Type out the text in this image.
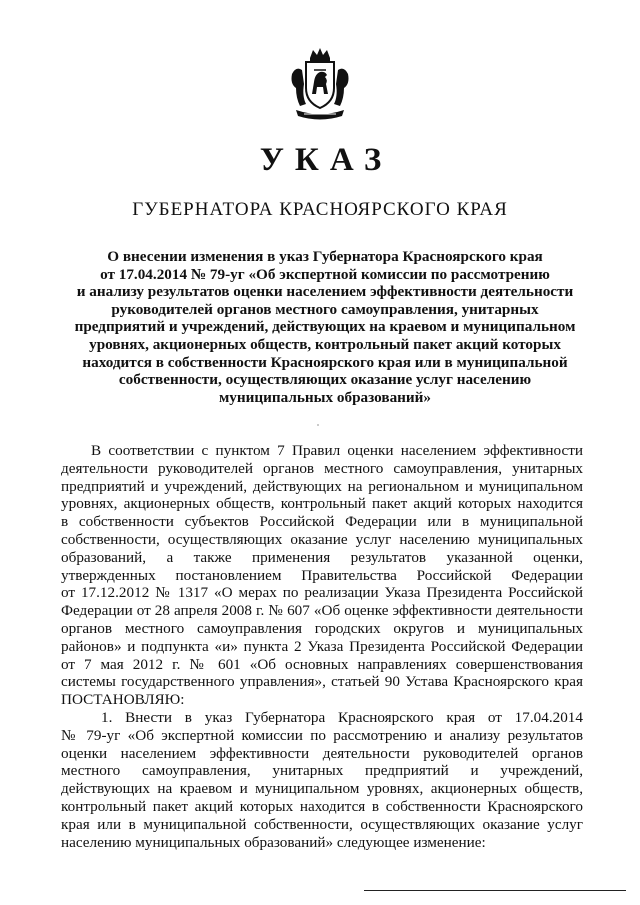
УКАЗ
ГУБЕРНАТОРА КРАСНОЯРСКОГО КРАЯ
О внесении изменения в указ Губернатора Красноярского края
от 17.04.2014 № 79-уг «Об экспертной комиссии по рассмотрению
и анализу результатов оценки населением эффективности деятельности
руководителей органов местного самоуправления, унитарных
предприятий и учреждений, действующих на краевом и муниципальном
уровнях, акционерных обществ, контрольный пакет акций которых
находится в собственности Красноярского края или в муниципальной
собственности, осуществляющих оказание услуг населению
муниципальных образований»
В соответствии с пунктом 7 Правил оценки населением эффективности
деятельности руководителей органов местного самоуправления, унитарных
предприятий и учреждений, действующих на региональном и муниципальном
уровнях, акционерных обществ, контрольный пакет акций которых находится
в собственности субъектов Российской Федерации или в муниципальной
собственности, осуществляющих оказание услуг населению муниципальных
образований, а также применения результатов указанной оценки,
утвержденных постановлением Правительства Российской Федерации
от 17.12.2012 № 1317 «О мерах по реализации Указа Президента Российской
Федерации от 28 апреля 2008 г. № 607 «Об оценке эффективности деятельности
органов местного самоуправления городских округов и муниципальных
районов» и подпункта «и» пункта 2 Указа Президента Российской Федерации
от 7 мая 2012 г. № 601 «Об основных направлениях совершенствования
системы государственного управления», статьей 90 Устава Красноярского края
ПОСТАНОВЛЯЮ:
1. Внести в указ Губернатора Красноярского края от 17.04.2014
№ 79-уг «Об экспертной комиссии по рассмотрению и анализу результатов
оценки населением эффективности деятельности руководителей органов
местного самоуправления, унитарных предприятий и учреждений,
действующих на краевом и муниципальном уровнях, акционерных обществ,
контрольный пакет акций которых находится в собственности Красноярского
края или в муниципальной собственности, осуществляющих оказание услуг
населению муниципальных образований» следующее изменение:
